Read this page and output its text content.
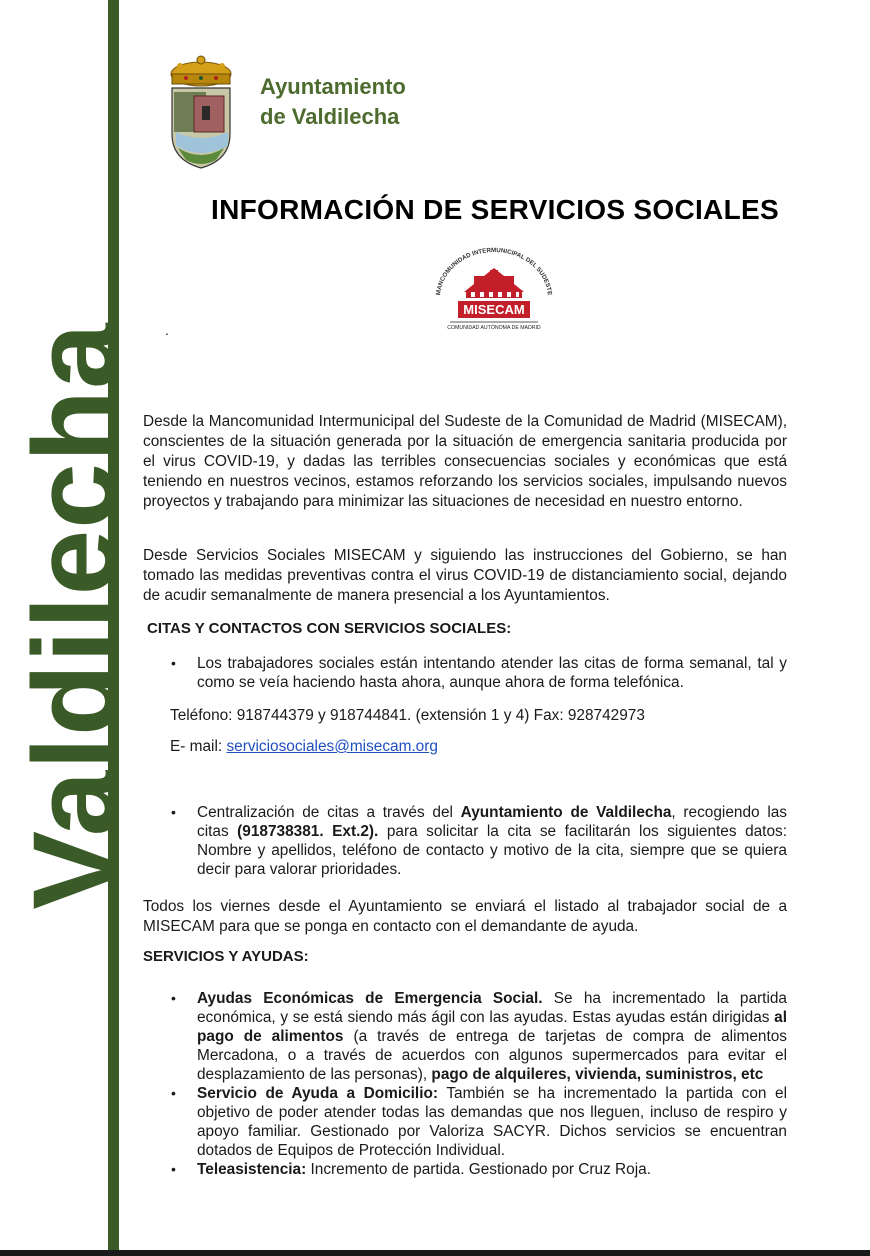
Valdilecha
Ayuntamiento
de Valdilecha
INFORMACIÓN DE SERVICIOS SOCIALES
MANCOMUNIDAD INTERMUNICIPAL DEL SUDESTE
MISECAM
COMUNIDAD AUTÓNOMA DE MADRID
.
Desde la Mancomunidad Intermunicipal del Sudeste de la Comunidad de Madrid (MISECAM), conscientes de la situación generada por la situación de emergencia sanitaria producida por el virus COVID-19, y dadas las terribles consecuencias sociales y económicas que está teniendo en nuestros vecinos, estamos reforzando los servicios sociales, impulsando nuevos proyectos y trabajando para minimizar las situaciones de necesidad en nuestro entorno.
Desde Servicios Sociales MISECAM y siguiendo las instrucciones del Gobierno, se han tomado las medidas preventivas contra el virus COVID-19 de distanciamiento social, dejando de acudir semanalmente de manera presencial a los Ayuntamientos.
CITAS Y CONTACTOS CON SERVICIOS SOCIALES:
• Los trabajadores sociales están intentando atender las citas de forma semanal, tal y como se veía haciendo hasta ahora, aunque ahora de forma telefónica.
Teléfono: 918744379 y 918744841. (extensión 1 y 4) Fax: 928742973
E- mail: serviciosociales@misecam.org
• Centralización de citas a través del Ayuntamiento de Valdilecha, recogiendo las citas (918738381. Ext.2). para solicitar la cita se facilitarán los siguientes datos: Nombre y apellidos, teléfono de contacto y motivo de la cita, siempre que se quiera decir para valorar prioridades.
Todos los viernes desde el Ayuntamiento se enviará el listado al trabajador social de a MISECAM para que se ponga en contacto con el demandante de ayuda.
SERVICIOS Y AYUDAS:
• Ayudas Económicas de Emergencia Social. Se ha incrementado la partida económica, y se está siendo más ágil con las ayudas. Estas ayudas están dirigidas al pago de alimentos (a través de entrega de tarjetas de compra de alimentos Mercadona, o a través de acuerdos con algunos supermercados para evitar el desplazamiento de las personas), pago de alquileres, vivienda, suministros, etc
• Servicio de Ayuda a Domicilio: También se ha incrementado la partida con el objetivo de poder atender todas las demandas que nos lleguen, incluso de respiro y apoyo familiar. Gestionado por Valoriza SACYR. Dichos servicios se encuentran dotados de Equipos de Protección Individual.
• Teleasistencia: Incremento de partida. Gestionado por Cruz Roja.
